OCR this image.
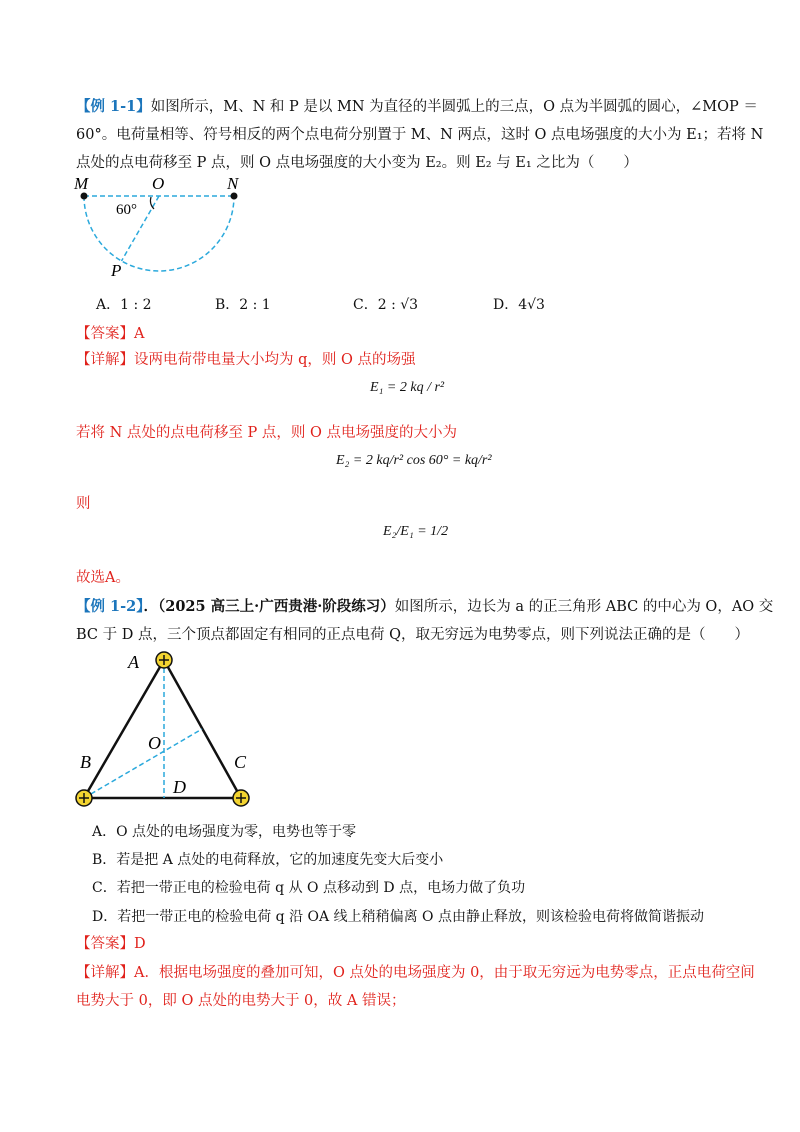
【例 1-1】如图所示，M、N 和 P 是以 MN 为直径的半圆弧上的三点，O 点为半圆弧的圆心，∠MOP ＝
60°。电荷量相等、符号相反的两个点电荷分别置于 M、N 两点，这时 O 点电场强度的大小为 E₁；若将 N
点处的点电荷移至 P 点，则 O 点电场强度的大小变为 E₂。则 E₂ 与 E₁ 之比为（　　）
M	O	N
P
60°
A．1 : 2	B．2 : 1	C．2 : √3	D．4√3
【答案】A
【详解】设两电荷带电量大小均为 q，则 O 点的场强
E₁ = 2 kq / r²
若将 N 点处的点电荷移至 P 点，则 O 点电场强度的大小为
E₂ = 2 kq/r² cos 60° = kq/r²
则
E₂/E₁ = 1/2
故选A。
【例 1-2】．（2025 高三上·广西贵港·阶段练习）如图所示，边长为 a 的正三角形 ABC 的中心为 O，AO 交
BC 于 D 点，三个顶点都固定有相同的正点电荷 Q，取无穷远为电势零点，则下列说法正确的是（　　）
A
B	C
O
D
A．O 点处的电场强度为零，电势也等于零
B．若是把 A 点处的电荷释放，它的加速度先变大后变小
C．若把一带正电的检验电荷 q 从 O 点移动到 D 点，电场力做了负功
D．若把一带正电的检验电荷 q 沿 OA 线上稍稍偏离 O 点由静止释放，则该检验电荷将做简谐振动
【答案】D
【详解】A．根据电场强度的叠加可知，O 点处的电场强度为 0，由于取无穷远为电势零点，正点电荷空间
电势大于 0，即 O 点处的电势大于 0，故 A 错误；
